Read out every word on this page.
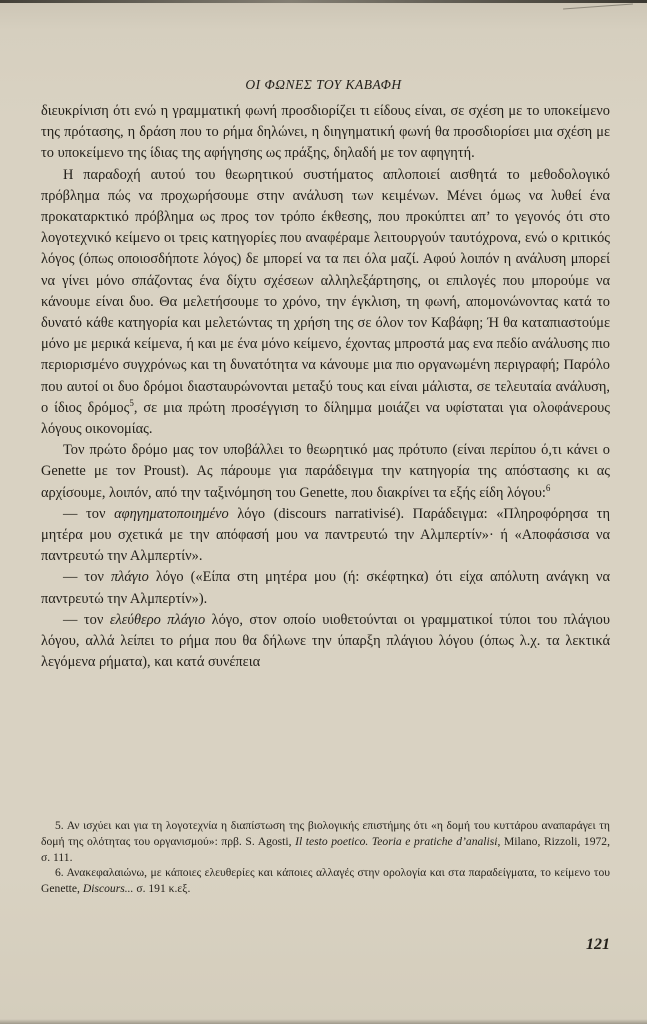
ΟΙ ΦΩΝΕΣ ΤΟΥ ΚΑΒΑΦΗ

διευκρίνιση ότι ενώ η γραμματική φωνή προσδιορίζει τι είδους είναι, σε σχέση με το υποκείμενο της πρότασης, η δράση που το ρήμα δηλώνει, η διηγηματική φωνή θα προσδιορίσει μια σχέση με το υποκείμενο της ίδιας της αφήγησης ως πράξης, δηλαδή με τον αφηγητή.

Η παραδοχή αυτού του θεωρητικού συστήματος απλοποιεί αισθητά το μεθοδολογικό πρόβλημα πώς να προχωρήσουμε στην ανάλυση των κειμένων. Μένει όμως να λυθεί ένα προκαταρκτικό πρόβλημα ως προς τον τρόπο έκθεσης, που προκύπτει απ’ το γεγονός ότι στο λογοτεχνικό κείμενο οι τρεις κατηγορίες που αναφέραμε λειτουργούν ταυτόχρονα, ενώ ο κριτικός λόγος (όπως οποιοσδήποτε λόγος) δε μπορεί να τα πει όλα μαζί. Αφού λοιπόν η ανάλυση μπορεί να γίνει μόνο σπάζοντας ένα δίχτυ σχέσεων αλληλεξάρτησης, οι επιλογές που μπορούμε να κάνουμε είναι δυο. Θα μελετήσουμε το χρόνο, την έγκλιση, τη φωνή, απομονώνοντας κατά το δυνατό κάθε κατηγορία και μελετώντας τη χρήση της σε όλον τον Καβάφη; Ή θα καταπιαστούμε μόνο με μερικά κείμενα, ή και με ένα μόνο κείμενο, έχοντας μπροστά μας ενα πεδίο ανάλυσης πιο περιορισμένο συγχρόνως και τη δυνατότητα να κάνουμε μια πιο οργανωμένη περιγραφή; Παρόλο που αυτοί οι δυο δρόμοι διασταυρώνονται μεταξύ τους και είναι μάλιστα, σε τελευταία ανάλυση, ο ίδιος δρόμος$^5$, σε μια πρώτη προσέγγιση το δίλημμα μοιάζει να υφίσταται για ολοφάνερους λόγους οικονομίας.

Τον πρώτο δρόμο μας τον υποβάλλει το θεωρητικό μας πρότυπο (είναι περίπου ό,τι κάνει ο Genette με τον Proust). Ας πάρουμε για παράδειγμα την κατηγορία της απόστασης κι ας αρχίσουμε, λοιπόν, από την ταξινόμηση του Genette, που διακρίνει τα εξής είδη λόγου:$^6$

— τον αφηγηματοποιημένο λόγο (discours narrativisé). Παράδειγμα: «Πληροφόρησα τη μητέρα μου σχετικά με την απόφασή μου να παντρευτώ την Αλμπερτίν»· ή «Αποφάσισα να παντρευτώ την Αλμπερτίν».

— τον πλάγιο λόγο («Είπα στη μητέρα μου (ή: σκέφτηκα) ότι είχα απόλυτη ανάγκη να παντρευτώ την Αλμπερτίν»).

— τον ελεύθερο πλάγιο λόγο, στον οποίο υιοθετούνται οι γραμματικοί τύποι του πλάγιου λόγου, αλλά λείπει το ρήμα που θα δήλωνε την ύπαρξη πλάγιου λόγου (όπως λ.χ. τα λεκτικά λεγόμενα ρήματα), και κατά συνέπεια

5. Αν ισχύει και για τη λογοτεχνία η διαπίστωση της βιολογικής επιστήμης ότι «η δομή του κυττάρου αναπαράγει τη δομή της ολότητας του οργανισμού»: πρβ. S. Agosti, Il testo poetico. Teoria e pratiche d’analisi, Milano, Rizzoli, 1972, σ. 111.

6. Ανακεφαλαιώνω, με κάποιες ελευθερίες και κάποιες αλλαγές στην ορολογία και στα παραδείγματα, το κείμενο του Genette, Discours... σ. 191 κ.εξ.

121
